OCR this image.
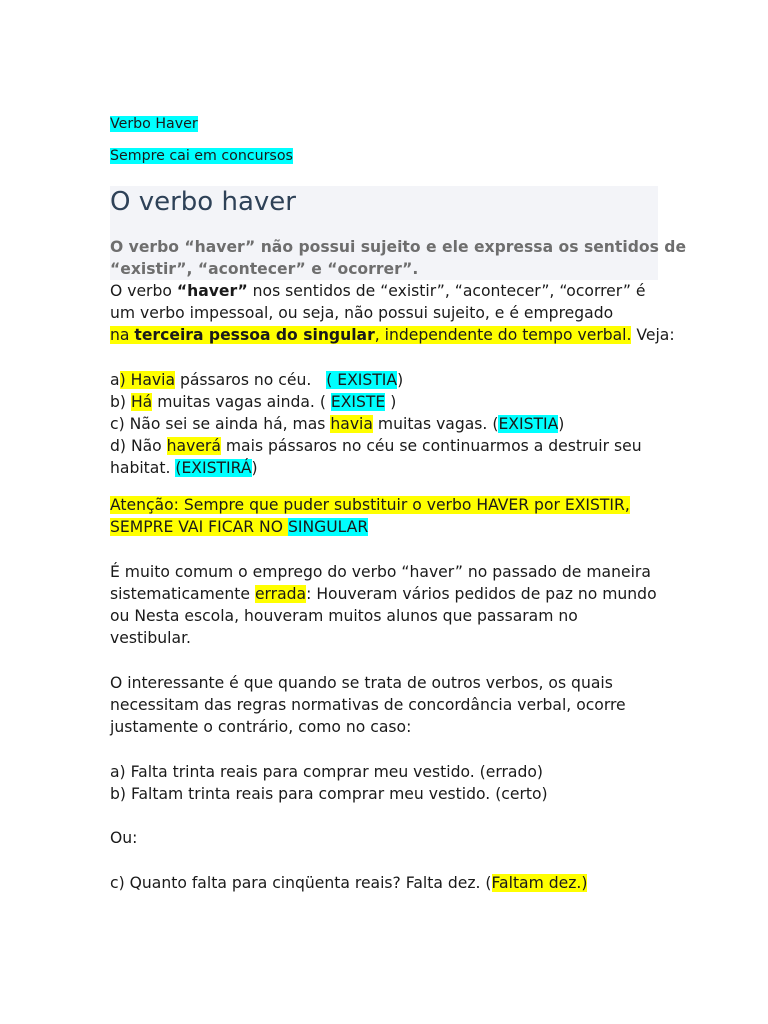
Verbo Haver
Sempre cai em concursos
O verbo haver
O verbo “haver” não possui sujeito e ele expressa os sentidos de
“existir”, “acontecer” e “ocorrer”.
O verbo “haver” nos sentidos de “existir”, “acontecer”, “ocorrer” é
um verbo impessoal, ou seja, não possui sujeito, e é empregado
na terceira pessoa do singular, independente do tempo verbal. Veja:
a) Havia pássaros no céu.   ( EXISTIA)
b) Há muitas vagas ainda. ( EXISTE )
c) Não sei se ainda há, mas havia muitas vagas. (EXISTIA)
d) Não haverá mais pássaros no céu se continuarmos a destruir seu
habitat. (EXISTIRÁ)
Atenção: Sempre que puder substituir o verbo HAVER por EXISTIR,
SEMPRE VAI FICAR NO SINGULAR
É muito comum o emprego do verbo “haver” no passado de maneira
sistematicamente errada: Houveram vários pedidos de paz no mundo
ou Nesta escola, houveram muitos alunos que passaram no
vestibular.
O interessante é que quando se trata de outros verbos, os quais
necessitam das regras normativas de concordância verbal, ocorre
justamente o contrário, como no caso:
a) Falta trinta reais para comprar meu vestido. (errado)
b) Faltam trinta reais para comprar meu vestido. (certo)
Ou:
c) Quanto falta para cinqüenta reais? Falta dez. (Faltam dez.)
